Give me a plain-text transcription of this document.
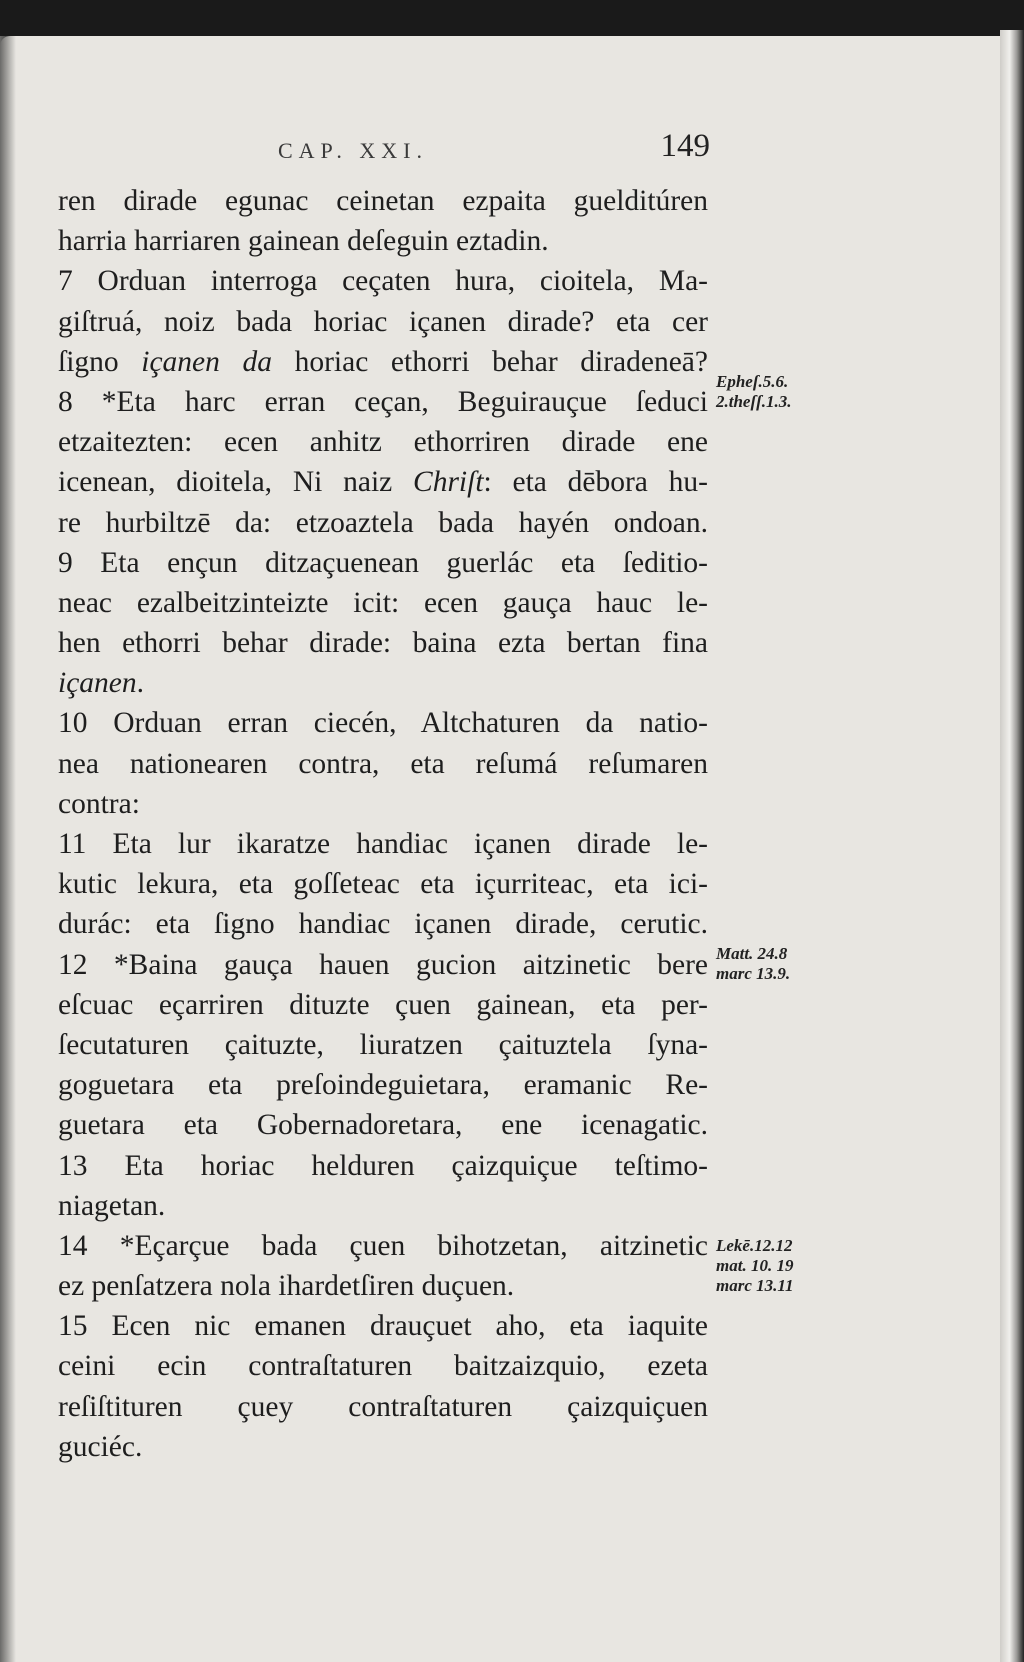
CAP. XXI.	149
ren dirade egunac ceinetan ezpaita guelditúren
harria harriaren gainean deſeguin eztadin.
7 Orduan interroga ceçaten hura, cioitela, Ma-
giſtruá, noiz bada horiac içanen dirade? eta cer
ſigno içanen da horiac ethorri behar diradeneā?
8 *Eta harc erran ceçan, Beguirauçue ſeduci
etzaitezten: ecen anhitz ethorriren dirade ene
icenean, dioitela, Ni naiz Chriſt: eta dēbora hu-
re hurbiltzē da: etzoaztela bada hayén ondoan.
9 Eta ençun ditzaçuenean guerlác eta ſeditio-
neac ezalbeitzinteizte icit: ecen gauça hauc le-
hen ethorri behar dirade: baina ezta bertan fina
içanen.
10 Orduan erran ciecén, Altchaturen da natio-
nea nationearen contra, eta reſumá reſumaren
contra:
11 Eta lur ikaratze handiac içanen dirade le-
kutic lekura, eta goſſeteac eta içurriteac, eta ici-
durác: eta ſigno handiac içanen dirade, cerutic.
12 *Baina gauça hauen gucion aitzinetic bere
eſcuac eçarriren dituzte çuen gainean, eta per-
ſecutaturen çaituzte, liuratzen çaituztela ſyna-
goguetara eta preſoindeguietara, eramanic Re-
guetara eta Gobernadoretara, ene icenagatic.
13 Eta horiac helduren çaizquiçue teſtimo-
niagetan.
14 *Eçarçue bada çuen bihotzetan, aitzinetic
ez penſatzera nola ihardetſiren duçuen.
15 Ecen nic emanen drauçuet aho, eta iaquite
ceini ecin contraſtaturen baitzaizquio, ezeta
reſiſtituren çuey contraſtaturen çaizquiçuen
guciéc.
Epheſ.5.6.
2.theſſ.1.3.
Matt. 24.8
marc 13.9.
Lekē.12.12
mat. 10. 19
marc 13.11
